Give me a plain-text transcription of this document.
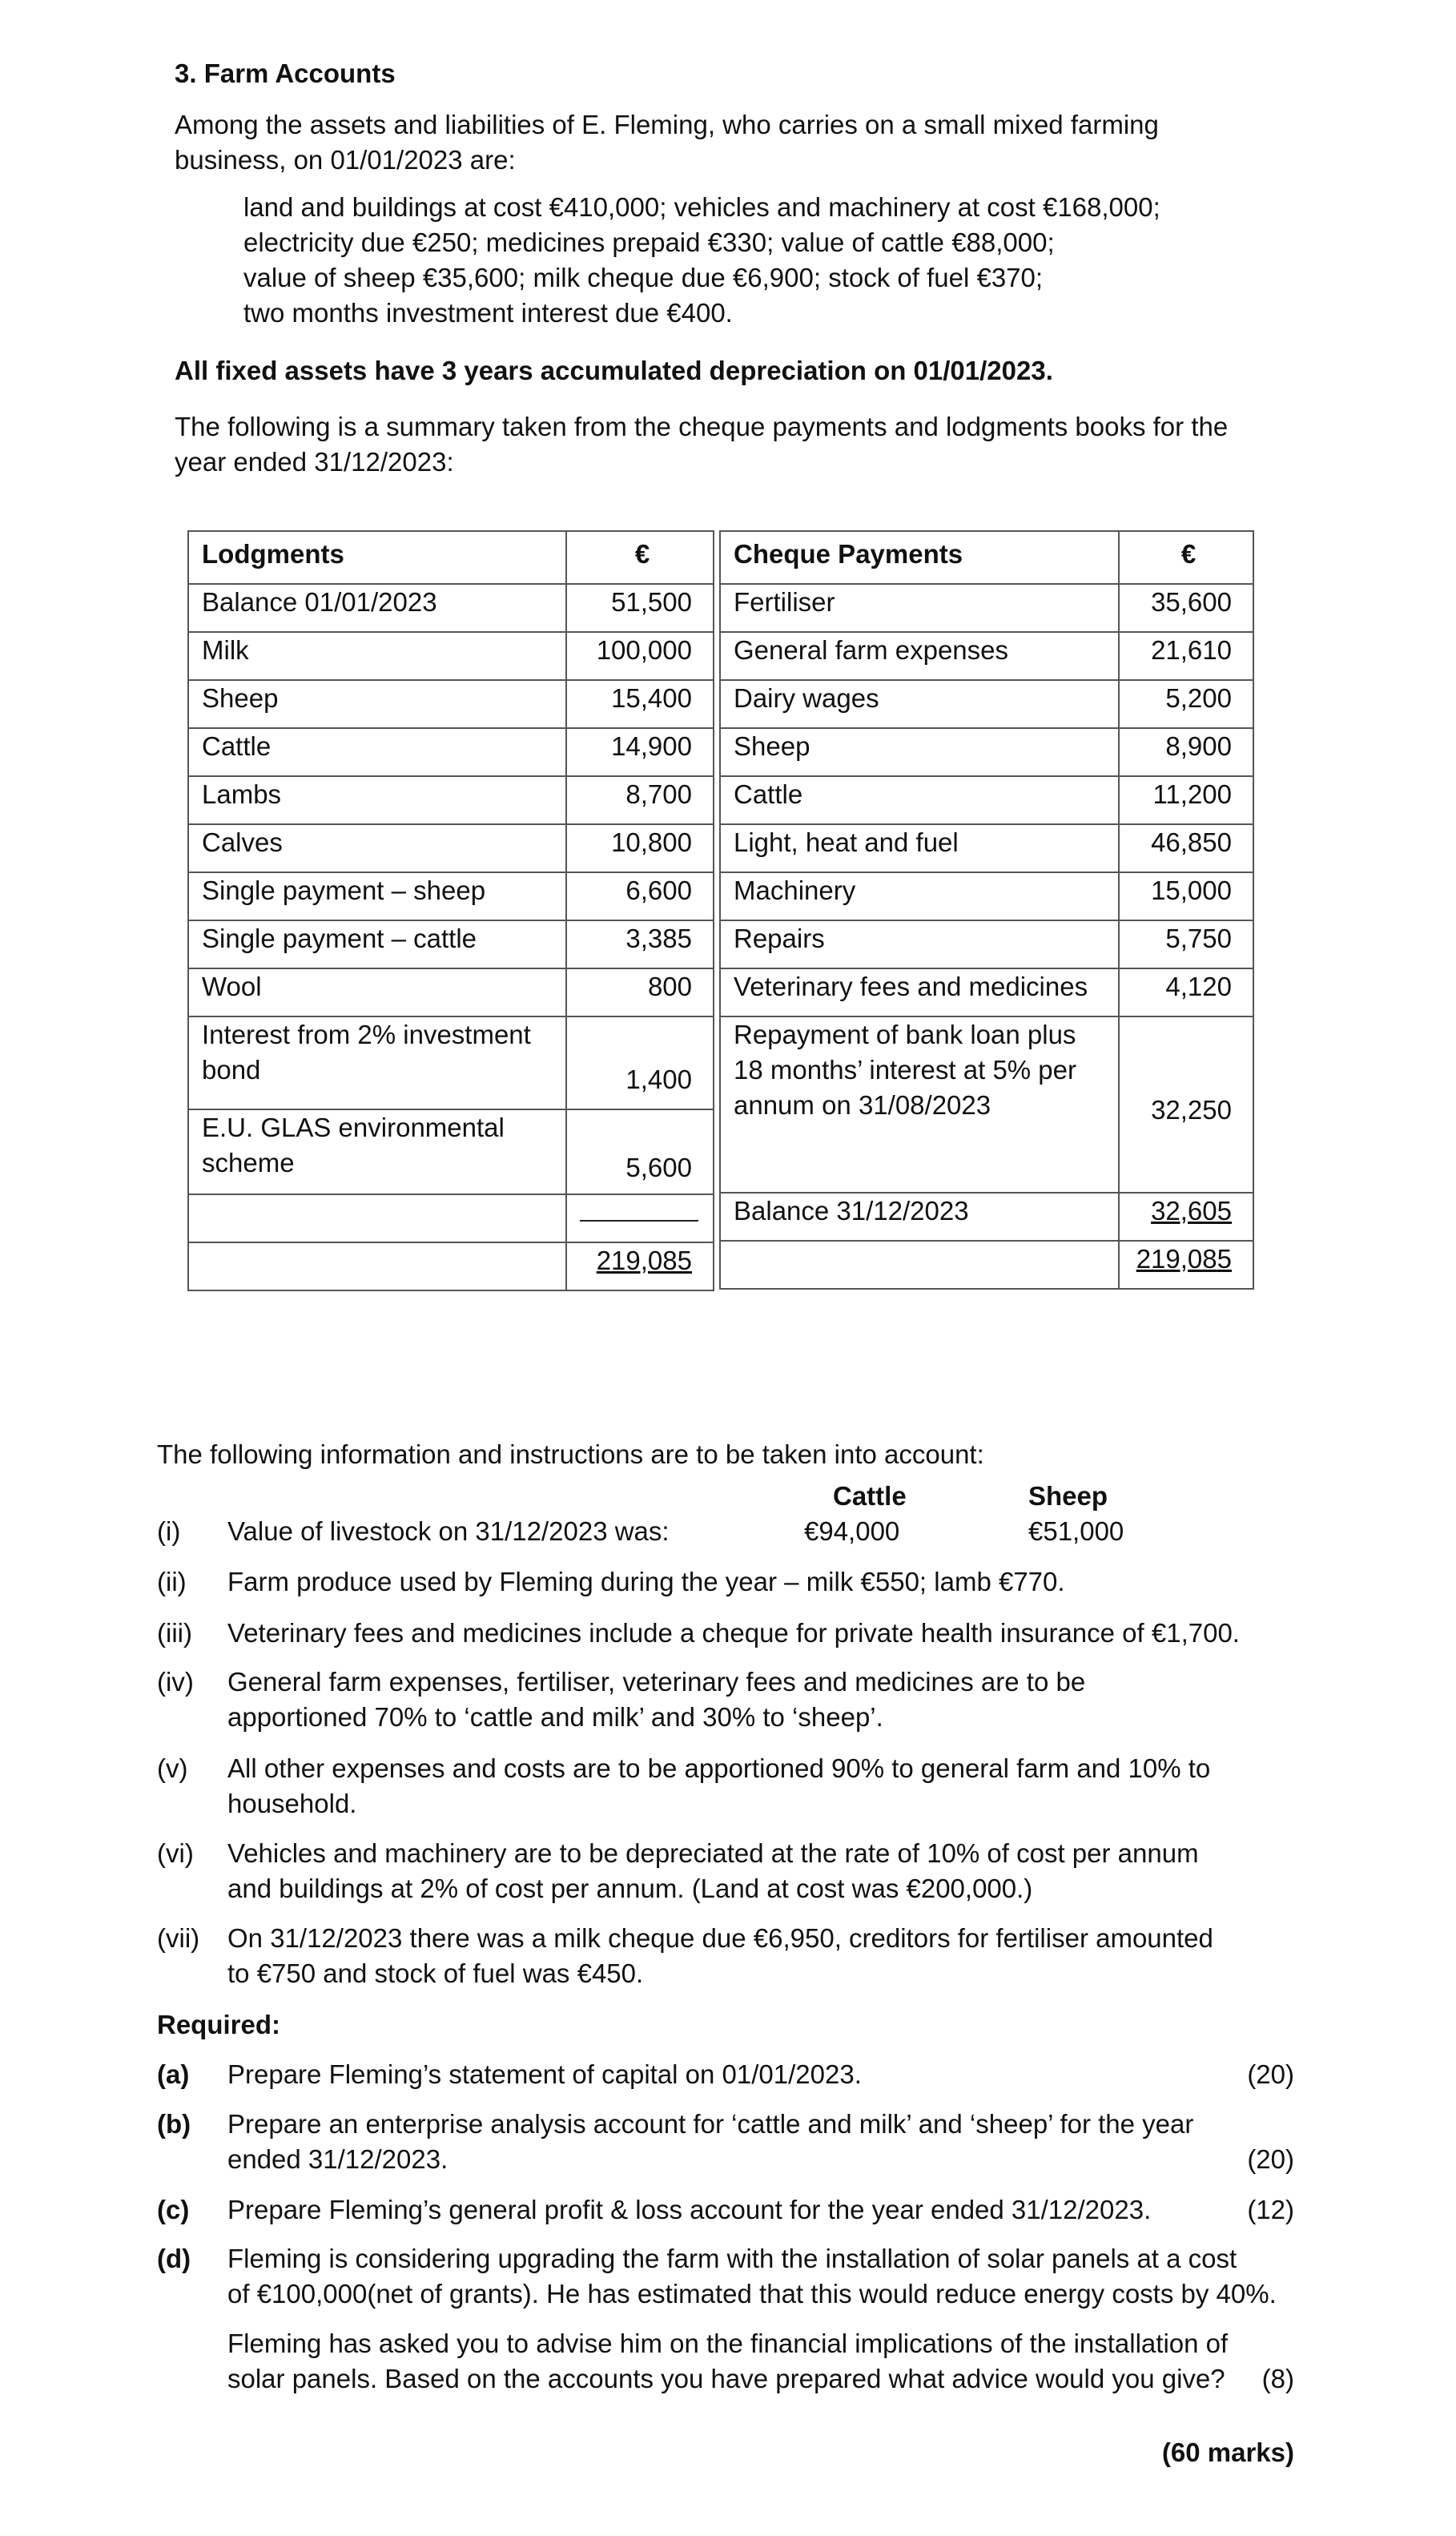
3. Farm Accounts
Among the assets and liabilities of E. Fleming, who carries on a small mixed farming
business, on 01/01/2023 are:
land and buildings at cost €410,000; vehicles and machinery at cost €168,000;
electricity due €250; medicines prepaid €330; value of cattle €88,000;
value of sheep €35,600; milk cheque due €6,900; stock of fuel €370;
two months investment interest due €400.
All fixed assets have 3 years accumulated depreciation on 01/01/2023.
The following is a summary taken from the cheque payments and lodgments books for the
year ended 31/12/2023:
Lodgments	€
Balance 01/01/2023	51,500
Milk	100,000
Sheep	15,400
Cattle	14,900
Lambs	8,700
Calves	10,800
Single payment – sheep	6,600
Single payment – cattle	3,385
Wool	800

Interest from 2% investment
bond	1,400

E.U. GLAS environmental
scheme	5,600

	219,085
Cheque Payments	€
Fertiliser	35,600
General farm expenses	21,610
Dairy wages	5,200
Sheep	8,900
Cattle	11,200
Light, heat and fuel	46,850
Machinery	15,000
Repairs	5,750
Veterinary fees and medicines	4,120

Repayment of bank loan plus
18 months’ interest at 5% per
annum on 31/08/2023	32,250
Balance 31/12/2023	32,605
	219,085
The following information and instructions are to be taken into account:
Cattle	Sheep
(i)	Value of livestock on 31/12/2023 was:	€94,000	€51,000
(ii)	Farm produce used by Fleming during the year – milk €550; lamb €770.
(iii)	Veterinary fees and medicines include a cheque for private health insurance of €1,700.
(iv)	General farm expenses, fertiliser, veterinary fees and medicines are to be
apportioned 70% to ‘cattle and milk’ and 30% to ‘sheep’.
(v)	All other expenses and costs are to be apportioned 90% to general farm and 10% to
household.
(vi)	Vehicles and machinery are to be depreciated at the rate of 10% of cost per annum
and buildings at 2% of cost per annum. (Land at cost was €200,000.)
(vii)	On 31/12/2023 there was a milk cheque due €6,950, creditors for fertiliser amounted
to €750 and stock of fuel was €450.
Required:
(a)	Prepare Fleming’s statement of capital on 01/01/2023.	(20)
(b)	Prepare an enterprise analysis account for ‘cattle and milk’ and ‘sheep’ for the year
ended 31/12/2023.	(20)
(c)	Prepare Fleming’s general profit & loss account for the year ended 31/12/2023.	(12)
(d)	Fleming is considering upgrading the farm with the installation of solar panels at a cost
of €100,000(net of grants). He has estimated that this would reduce energy costs by 40%.
Fleming has asked you to advise him on the financial implications of the installation of
solar panels. Based on the accounts you have prepared what advice would you give? (8)
(60 marks)
